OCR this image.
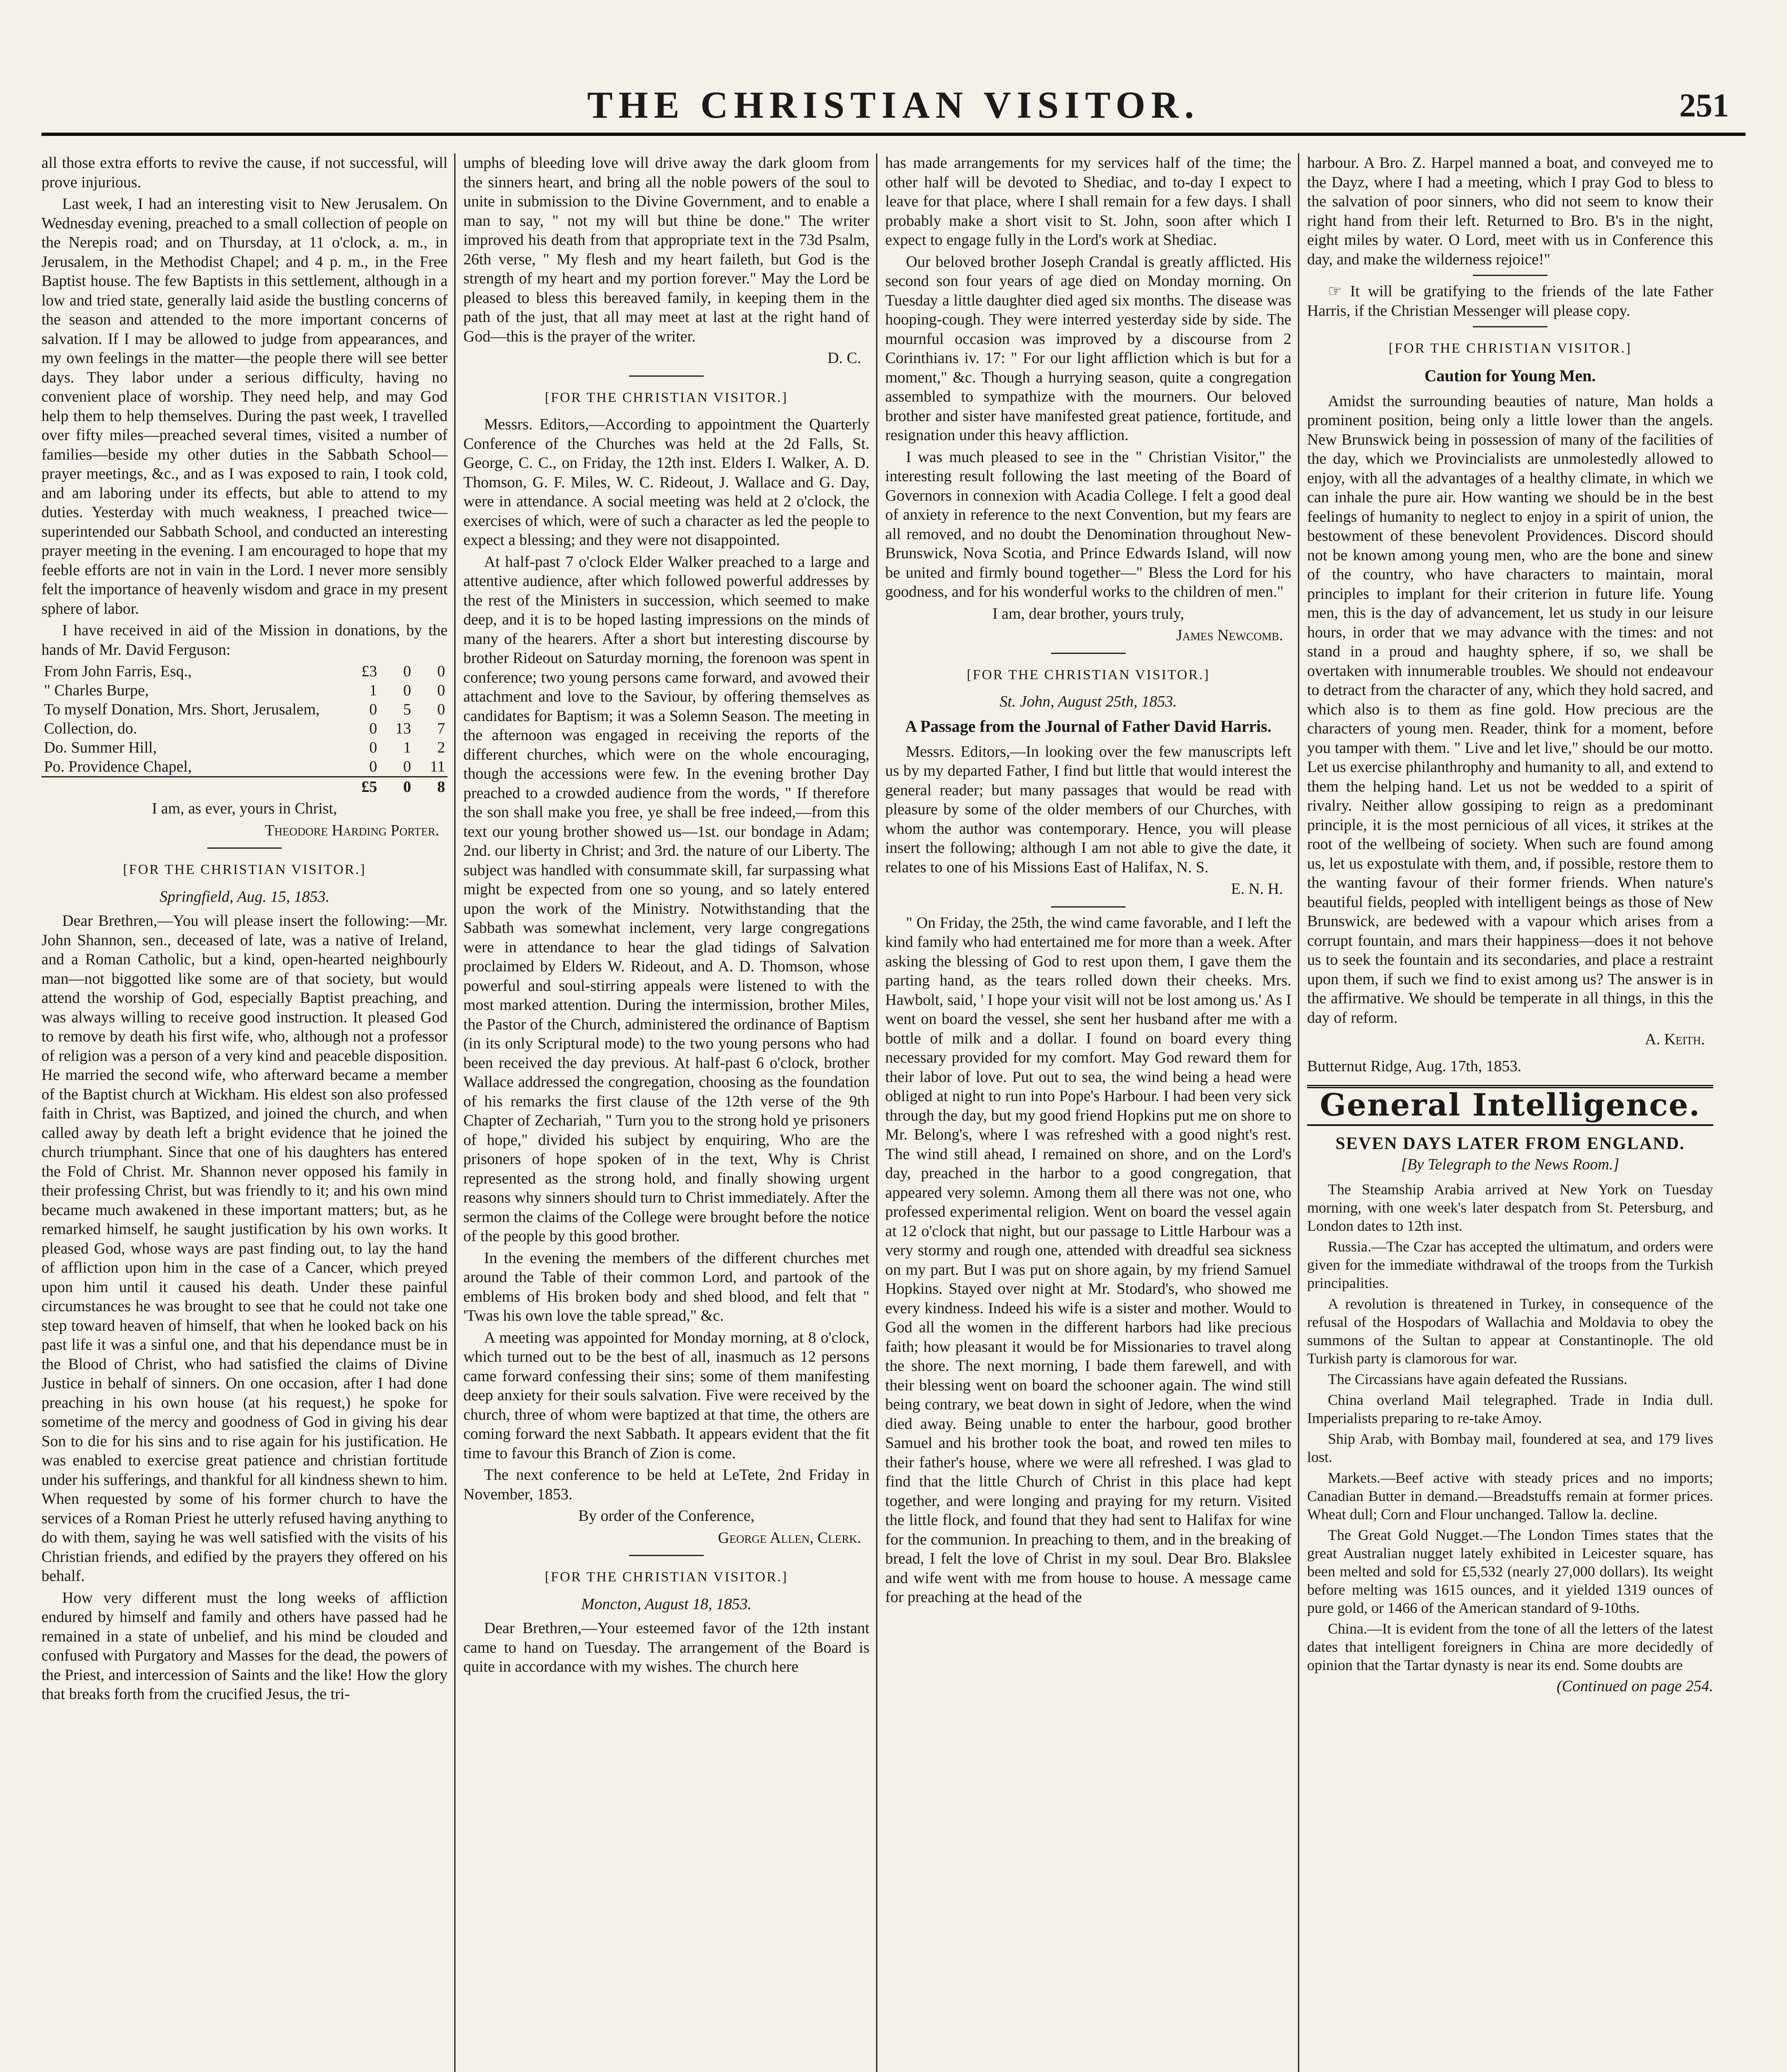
THE CHRISTIAN VISITOR.	251

all those extra efforts to revive the cause, if not successful, will prove injurious.

Last week, I had an interesting visit to New Jerusalem. On Wednesday evening, preached to a small collection of people on the Nerepis road; and on Thursday, at 11 o'clock, a. m., in Jerusalem, in the Methodist Chapel; and 4 p. m., in the Free Baptist house. The few Baptists in this settlement, although in a low and tried state, generally laid aside the bustling concerns of the season and attended to the more important concerns of salvation. If I may be allowed to judge from appearances, and my own feelings in the matter—the people there will see better days. They labor under a serious difficulty, having no convenient place of worship. They need help, and may God help them to help themselves. During the past week, I travelled over fifty miles—preached several times, visited a number of families—beside my other duties in the Sabbath School—prayer meetings, &c., and as I was exposed to rain, I took cold, and am laboring under its effects, but able to attend to my duties. Yesterday with much weakness, I preached twice—superintended our Sabbath School, and conducted an interesting prayer meeting in the evening. I am encouraged to hope that my feeble efforts are not in vain in the Lord. I never more sensibly felt the importance of heavenly wisdom and grace in my present sphere of labor.

I have received in aid of the Mission in donations, by the hands of Mr. David Ferguson:

From John Farris, Esq.,	£3	0	0
" Charles Burpe,	1	0	0
To myself Donation, Mrs. Short, Jerusalem,	0	5	0
Collection, do.	0	13	7
Do. Summer Hill,	0	1	2
Po. Providence Chapel,	0	0	11
	£5	0	8

I am, as ever, yours in Christ,

Theodore Harding Porter.
[FOR THE CHRISTIAN VISITOR.]
Springfield, Aug. 15, 1853.

Dear Brethren,—You will please insert the following:—Mr. John Shannon, sen., deceased of late, was a native of Ireland, and a Roman Catholic, but a kind, open-hearted neighbourly man—not biggotted like some are of that society, but would attend the worship of God, especially Baptist preaching, and was always willing to receive good instruction. It pleased God to remove by death his first wife, who, although not a professor of religion was a person of a very kind and peaceble disposition. He married the second wife, who afterward became a member of the Baptist church at Wickham. His eldest son also professed faith in Christ, was Baptized, and joined the church, and when called away by death left a bright evidence that he joined the church triumphant. Since that one of his daughters has entered the Fold of Christ. Mr. Shannon never opposed his family in their professing Christ, but was friendly to it; and his own mind became much awakened in these important matters; but, as he remarked himself, he saught justification by his own works. It pleased God, whose ways are past finding out, to lay the hand of affliction upon him in the case of a Cancer, which preyed upon him until it caused his death. Under these painful circumstances he was brought to see that he could not take one step toward heaven of himself, that when he looked back on his past life it was a sinful one, and that his dependance must be in the Blood of Christ, who had satisfied the claims of Divine Justice in behalf of sinners. On one occasion, after I had done preaching in his own house (at his request,) he spoke for sometime of the mercy and goodness of God in giving his dear Son to die for his sins and to rise again for his justification. He was enabled to exercise great patience and christian fortitude under his sufferings, and thankful for all kindness shewn to him. When requested by some of his former church to have the services of a Roman Priest he utterly refused having anything to do with them, saying he was well satisfied with the visits of his Christian friends, and edified by the prayers they offered on his behalf.

How very different must the long weeks of affliction endured by himself and family and others have passed had he remained in a state of unbelief, and his mind be clouded and confused with Purgatory and Masses for the dead, the powers of the Priest, and intercession of Saints and the like! How the glory that breaks forth from the crucified Jesus, the tri-

umphs of bleeding love will drive away the dark gloom from the sinners heart, and bring all the noble powers of the soul to unite in submission to the Divine Government, and to enable a man to say, " not my will but thine be done." The writer improved his death from that appropriate text in the 73d Psalm, 26th verse, " My flesh and my heart faileth, but God is the strength of my heart and my portion forever." May the Lord be pleased to bless this bereaved family, in keeping them in the path of the just, that all may meet at last at the right hand of God—this is the prayer of the writer.

D. C.
[FOR THE CHRISTIAN VISITOR.]

Messrs. Editors,—According to appointment the Quarterly Conference of the Churches was held at the 2d Falls, St. George, C. C., on Friday, the 12th inst. Elders I. Walker, A. D. Thomson, G. F. Miles, W. C. Rideout, J. Wallace and G. Day, were in attendance. A social meeting was held at 2 o'clock, the exercises of which, were of such a character as led the people to expect a blessing; and they were not disappointed.

At half-past 7 o'clock Elder Walker preached to a large and attentive audience, after which followed powerful addresses by the rest of the Ministers in succession, which seemed to make deep, and it is to be hoped lasting impressions on the minds of many of the hearers. After a short but interesting discourse by brother Rideout on Saturday morning, the forenoon was spent in conference; two young persons came forward, and avowed their attachment and love to the Saviour, by offering themselves as candidates for Baptism; it was a Solemn Season. The meeting in the afternoon was engaged in receiving the reports of the different churches, which were on the whole encouraging, though the accessions were few. In the evening brother Day preached to a crowded audience from the words, " If therefore the son shall make you free, ye shall be free indeed,—from this text our young brother showed us—1st. our bondage in Adam; 2nd. our liberty in Christ; and 3rd. the nature of our Liberty. The subject was handled with consummate skill, far surpassing what might be expected from one so young, and so lately entered upon the work of the Ministry. Notwithstanding that the Sabbath was somewhat inclement, very large congregations were in attendance to hear the glad tidings of Salvation proclaimed by Elders W. Rideout, and A. D. Thomson, whose powerful and soul-stirring appeals were listened to with the most marked attention. During the intermission, brother Miles, the Pastor of the Church, administered the ordinance of Baptism (in its only Scriptural mode) to the two young persons who had been received the day previous. At half-past 6 o'clock, brother Wallace addressed the congregation, choosing as the foundation of his remarks the first clause of the 12th verse of the 9th Chapter of Zechariah, " Turn you to the strong hold ye prisoners of hope," divided his subject by enquiring, Who are the prisoners of hope spoken of in the text, Why is Christ represented as the strong hold, and finally showing urgent reasons why sinners should turn to Christ immediately. After the sermon the claims of the College were brought before the notice of the people by this good brother.

In the evening the members of the different churches met around the Table of their common Lord, and partook of the emblems of His broken body and shed blood, and felt that " 'Twas his own love the table spread," &c.

A meeting was appointed for Monday morning, at 8 o'clock, which turned out to be the best of all, inasmuch as 12 persons came forward confessing their sins; some of them manifesting deep anxiety for their souls salvation. Five were received by the church, three of whom were baptized at that time, the others are coming forward the next Sabbath. It appears evident that the fit time to favour this Branch of Zion is come.

The next conference to be held at LeTete, 2nd Friday in November, 1853.

By order of the Conference,

George Allen, Clerk.
[FOR THE CHRISTIAN VISITOR.]
Moncton, August 18, 1853.

Dear Brethren,—Your esteemed favor of the 12th instant came to hand on Tuesday. The arrangement of the Board is quite in accordance with my wishes. The church here

has made arrangements for my services half of the time; the other half will be devoted to Shediac, and to-day I expect to leave for that place, where I shall remain for a few days. I shall probably make a short visit to St. John, soon after which I expect to engage fully in the Lord's work at Shediac.

Our beloved brother Joseph Crandal is greatly afflicted. His second son four years of age died on Monday morning. On Tuesday a little daughter died aged six months. The disease was hooping-cough. They were interred yesterday side by side. The mournful occasion was improved by a discourse from 2 Corinthians iv. 17: " For our light affliction which is but for a moment," &c. Though a hurrying season, quite a congregation assembled to sympathize with the mourners. Our beloved brother and sister have manifested great patience, fortitude, and resignation under this heavy affliction.

I was much pleased to see in the " Christian Visitor," the interesting result following the last meeting of the Board of Governors in connexion with Acadia College. I felt a good deal of anxiety in reference to the next Convention, but my fears are all removed, and no doubt the Denomination throughout New-Brunswick, Nova Scotia, and Prince Edwards Island, will now be united and firmly bound together—" Bless the Lord for his goodness, and for his wonderful works to the children of men."

I am, dear brother, yours truly,

James Newcomb.
[FOR THE CHRISTIAN VISITOR.]
St. John, August 25th, 1853.
A Passage from the Journal of Father David Harris.

Messrs. Editors,—In looking over the few manuscripts left us by my departed Father, I find but little that would interest the general reader; but many passages that would be read with pleasure by some of the older members of our Churches, with whom the author was contemporary. Hence, you will please insert the following; although I am not able to give the date, it relates to one of his Missions East of Halifax, N. S.

E. N. H.

" On Friday, the 25th, the wind came favorable, and I left the kind family who had entertained me for more than a week. After asking the blessing of God to rest upon them, I gave them the parting hand, as the tears rolled down their cheeks. Mrs. Hawbolt, said, ' I hope your visit will not be lost among us.' As I went on board the vessel, she sent her husband after me with a bottle of milk and a dollar. I found on board every thing necessary provided for my comfort. May God reward them for their labor of love. Put out to sea, the wind being a head were obliged at night to run into Pope's Harbour. I had been very sick through the day, but my good friend Hopkins put me on shore to Mr. Belong's, where I was refreshed with a good night's rest. The wind still ahead, I remained on shore, and on the Lord's day, preached in the harbor to a good congregation, that appeared very solemn. Among them all there was not one, who professed experimental religion. Went on board the vessel again at 12 o'clock that night, but our passage to Little Harbour was a very stormy and rough one, attended with dreadful sea sickness on my part. But I was put on shore again, by my friend Samuel Hopkins. Stayed over night at Mr. Stodard's, who showed me every kindness. Indeed his wife is a sister and mother. Would to God all the women in the different harbors had like precious faith; how pleasant it would be for Missionaries to travel along the shore. The next morning, I bade them farewell, and with their blessing went on board the schooner again. The wind still being contrary, we beat down in sight of Jedore, when the wind died away. Being unable to enter the harbour, good brother Samuel and his brother took the boat, and rowed ten miles to their father's house, where we were all refreshed. I was glad to find that the little Church of Christ in this place had kept together, and were longing and praying for my return. Visited the little flock, and found that they had sent to Halifax for wine for the communion. In preaching to them, and in the breaking of bread, I felt the love of Christ in my soul. Dear Bro. Blakslee and wife went with me from house to house. A message came for preaching at the head of the

harbour. A Bro. Z. Harpel manned a boat, and conveyed me to the Dayz, where I had a meeting, which I pray God to bless to the salvation of poor sinners, who did not seem to know their right hand from their left. Returned to Bro. B's in the night, eight miles by water. O Lord, meet with us in Conference this day, and make the wilderness rejoice!"

☞ It will be gratifying to the friends of the late Father Harris, if the Christian Messenger will please copy.

[FOR THE CHRISTIAN VISITOR.]
Caution for Young Men.

Amidst the surrounding beauties of nature, Man holds a prominent position, being only a little lower than the angels. New Brunswick being in possession of many of the facilities of the day, which we Provincialists are unmolestedly allowed to enjoy, with all the advantages of a healthy climate, in which we can inhale the pure air. How wanting we should be in the best feelings of humanity to neglect to enjoy in a spirit of union, the bestowment of these benevolent Providences. Discord should not be known among young men, who are the bone and sinew of the country, who have characters to maintain, moral principles to implant for their criterion in future life. Young men, this is the day of advancement, let us study in our leisure hours, in order that we may advance with the times: and not stand in a proud and haughty sphere, if so, we shall be overtaken with innumerable troubles. We should not endeavour to detract from the character of any, which they hold sacred, and which also is to them as fine gold. How precious are the characters of young men. Reader, think for a moment, before you tamper with them. " Live and let live," should be our motto. Let us exercise philanthrophy and humanity to all, and extend to them the helping hand. Let us not be wedded to a spirit of rivalry. Neither allow gossiping to reign as a predominant principle, it is the most pernicious of all vices, it strikes at the root of the wellbeing of society. When such are found among us, let us expostulate with them, and, if possible, restore them to the wanting favour of their former friends. When nature's beautiful fields, peopled with intelligent beings as those of New Brunswick, are bedewed with a vapour which arises from a corrupt fountain, and mars their happiness—does it not behove us to seek the fountain and its secondaries, and place a restraint upon them, if such we find to exist among us? The answer is in the affirmative. We should be temperate in all things, in this the day of reform.

A. Keith.

Butternut Ridge, Aug. 17th, 1853.

General Intelligence.
SEVEN DAYS LATER FROM ENGLAND.
[By Telegraph to the News Room.]

The Steamship Arabia arrived at New York on Tuesday morning, with one week's later despatch from St. Petersburg, and London dates to 12th inst.

Russia.—The Czar has accepted the ultimatum, and orders were given for the immediate withdrawal of the troops from the Turkish principalities.

A revolution is threatened in Turkey, in consequence of the refusal of the Hospodars of Wallachia and Moldavia to obey the summons of the Sultan to appear at Constantinople. The old Turkish party is clamorous for war.

The Circassians have again defeated the Russians.

China overland Mail telegraphed. Trade in India dull. Imperialists preparing to re-take Amoy.

Ship Arab, with Bombay mail, foundered at sea, and 179 lives lost.

Markets.—Beef active with steady prices and no imports; Canadian Butter in demand.—Breadstuffs remain at former prices. Wheat dull; Corn and Flour unchanged. Tallow la. decline.

The Great Gold Nugget.—The London Times states that the great Australian nugget lately exhibited in Leicester square, has been melted and sold for £5,532 (nearly 27,000 dollars). Its weight before melting was 1615 ounces, and it yielded 1319 ounces of pure gold, or 1466 of the American standard of 9-10ths.

China.—It is evident from the tone of all the letters of the latest dates that intelligent foreigners in China are more decidedly of opinion that the Tartar dynasty is near its end. Some doubts are

(Continued on page 254.
